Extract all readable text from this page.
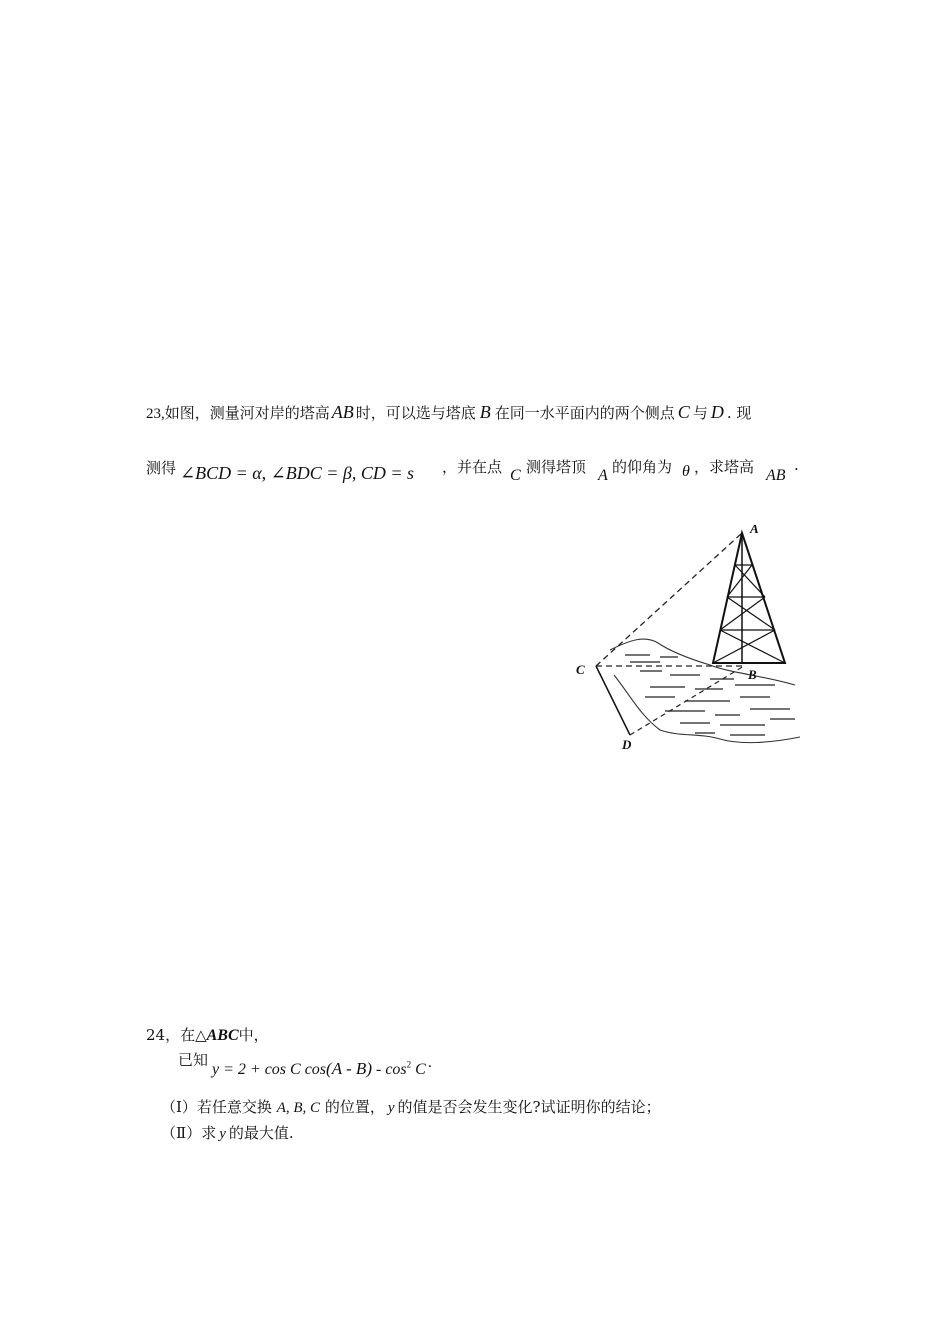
23,如图，测量河对岸的塔高 AB 时，可以选与塔底 B 在同一水平面内的两个侧点 C 与 D . 现
测得 ∠BCD = α, ∠BDC = β, CD = s ，并在点 C 测得塔顶 A 的仰角为 θ ，求塔高 AB
.
A
B
C
D
24，在△ABC中，
已知
y = 2 + cos C $\cos(A - B) - \cos^2 C$ .
（I）若任意交换 A, B, C 的位置， y 的值是否会发生变化?试证明你的结论；
（Ⅱ）求 y 的最大值.
